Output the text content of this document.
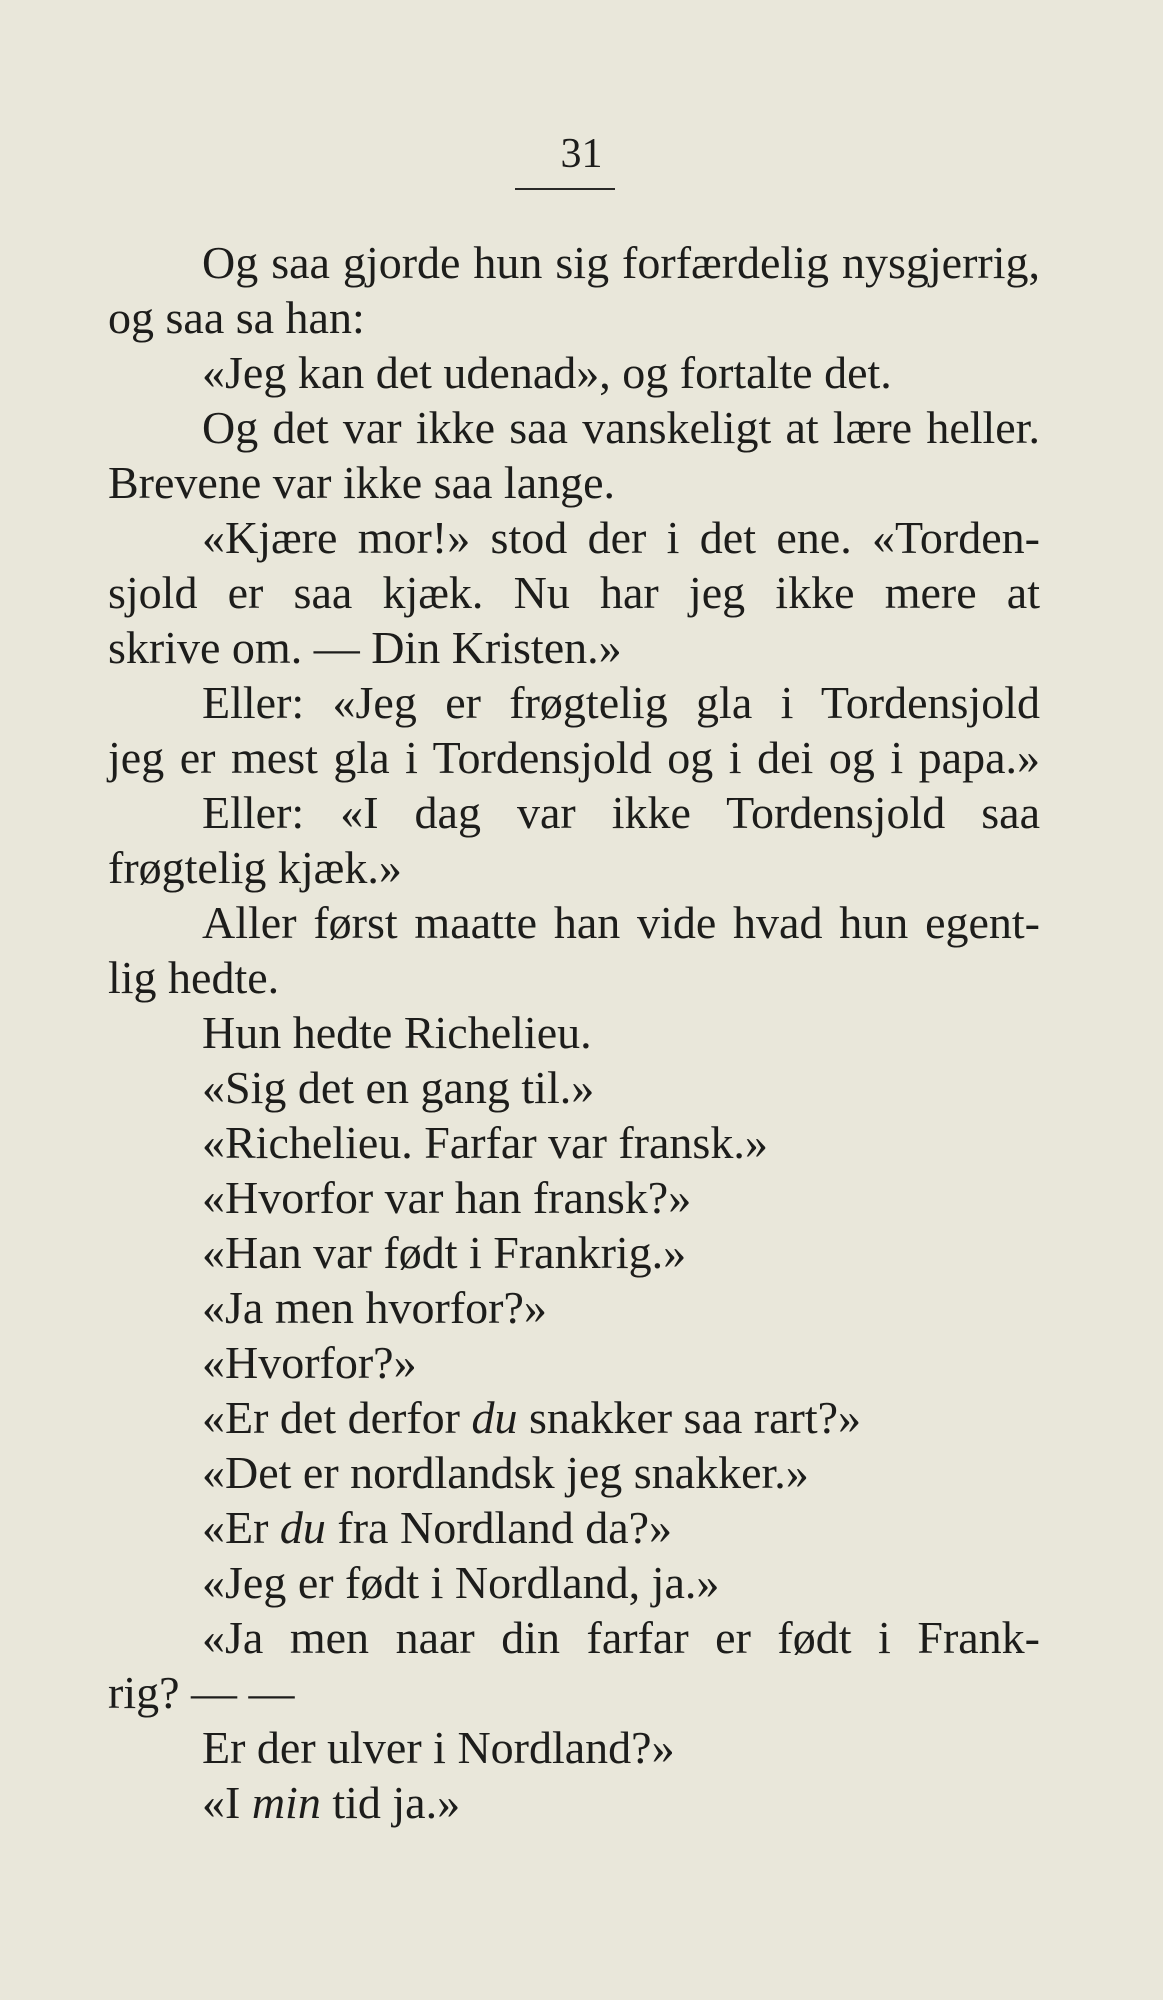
31
Og saa gjorde hun sig forfærdelig nysgjerrig,
og saa sa han:
«Jeg kan det udenad», og fortalte det.
Og det var ikke saa vanskeligt at lære heller.
Brevene var ikke saa lange.
«Kjære mor!» stod der i det ene. «Torden-
sjold er saa kjæk. Nu har jeg ikke mere at
skrive om. — Din Kristen.»
Eller: «Jeg er frøgtelig gla i Tordensjold
jeg er mest gla i Tordensjold og i dei og i papa.»
Eller: «I dag var ikke Tordensjold saa
frøgtelig kjæk.»
Aller først maatte han vide hvad hun egent-
lig hedte.
Hun hedte Richelieu.
«Sig det en gang til.»
«Richelieu. Farfar var fransk.»
«Hvorfor var han fransk?»
«Han var født i Frankrig.»
«Ja men hvorfor?»
«Hvorfor?»
«Er det derfor du snakker saa rart?»
«Det er nordlandsk jeg snakker.»
«Er du fra Nordland da?»
«Jeg er født i Nordland, ja.»
«Ja men naar din farfar er født i Frank-
rig? — —
Er der ulver i Nordland?»
«I min tid ja.»
